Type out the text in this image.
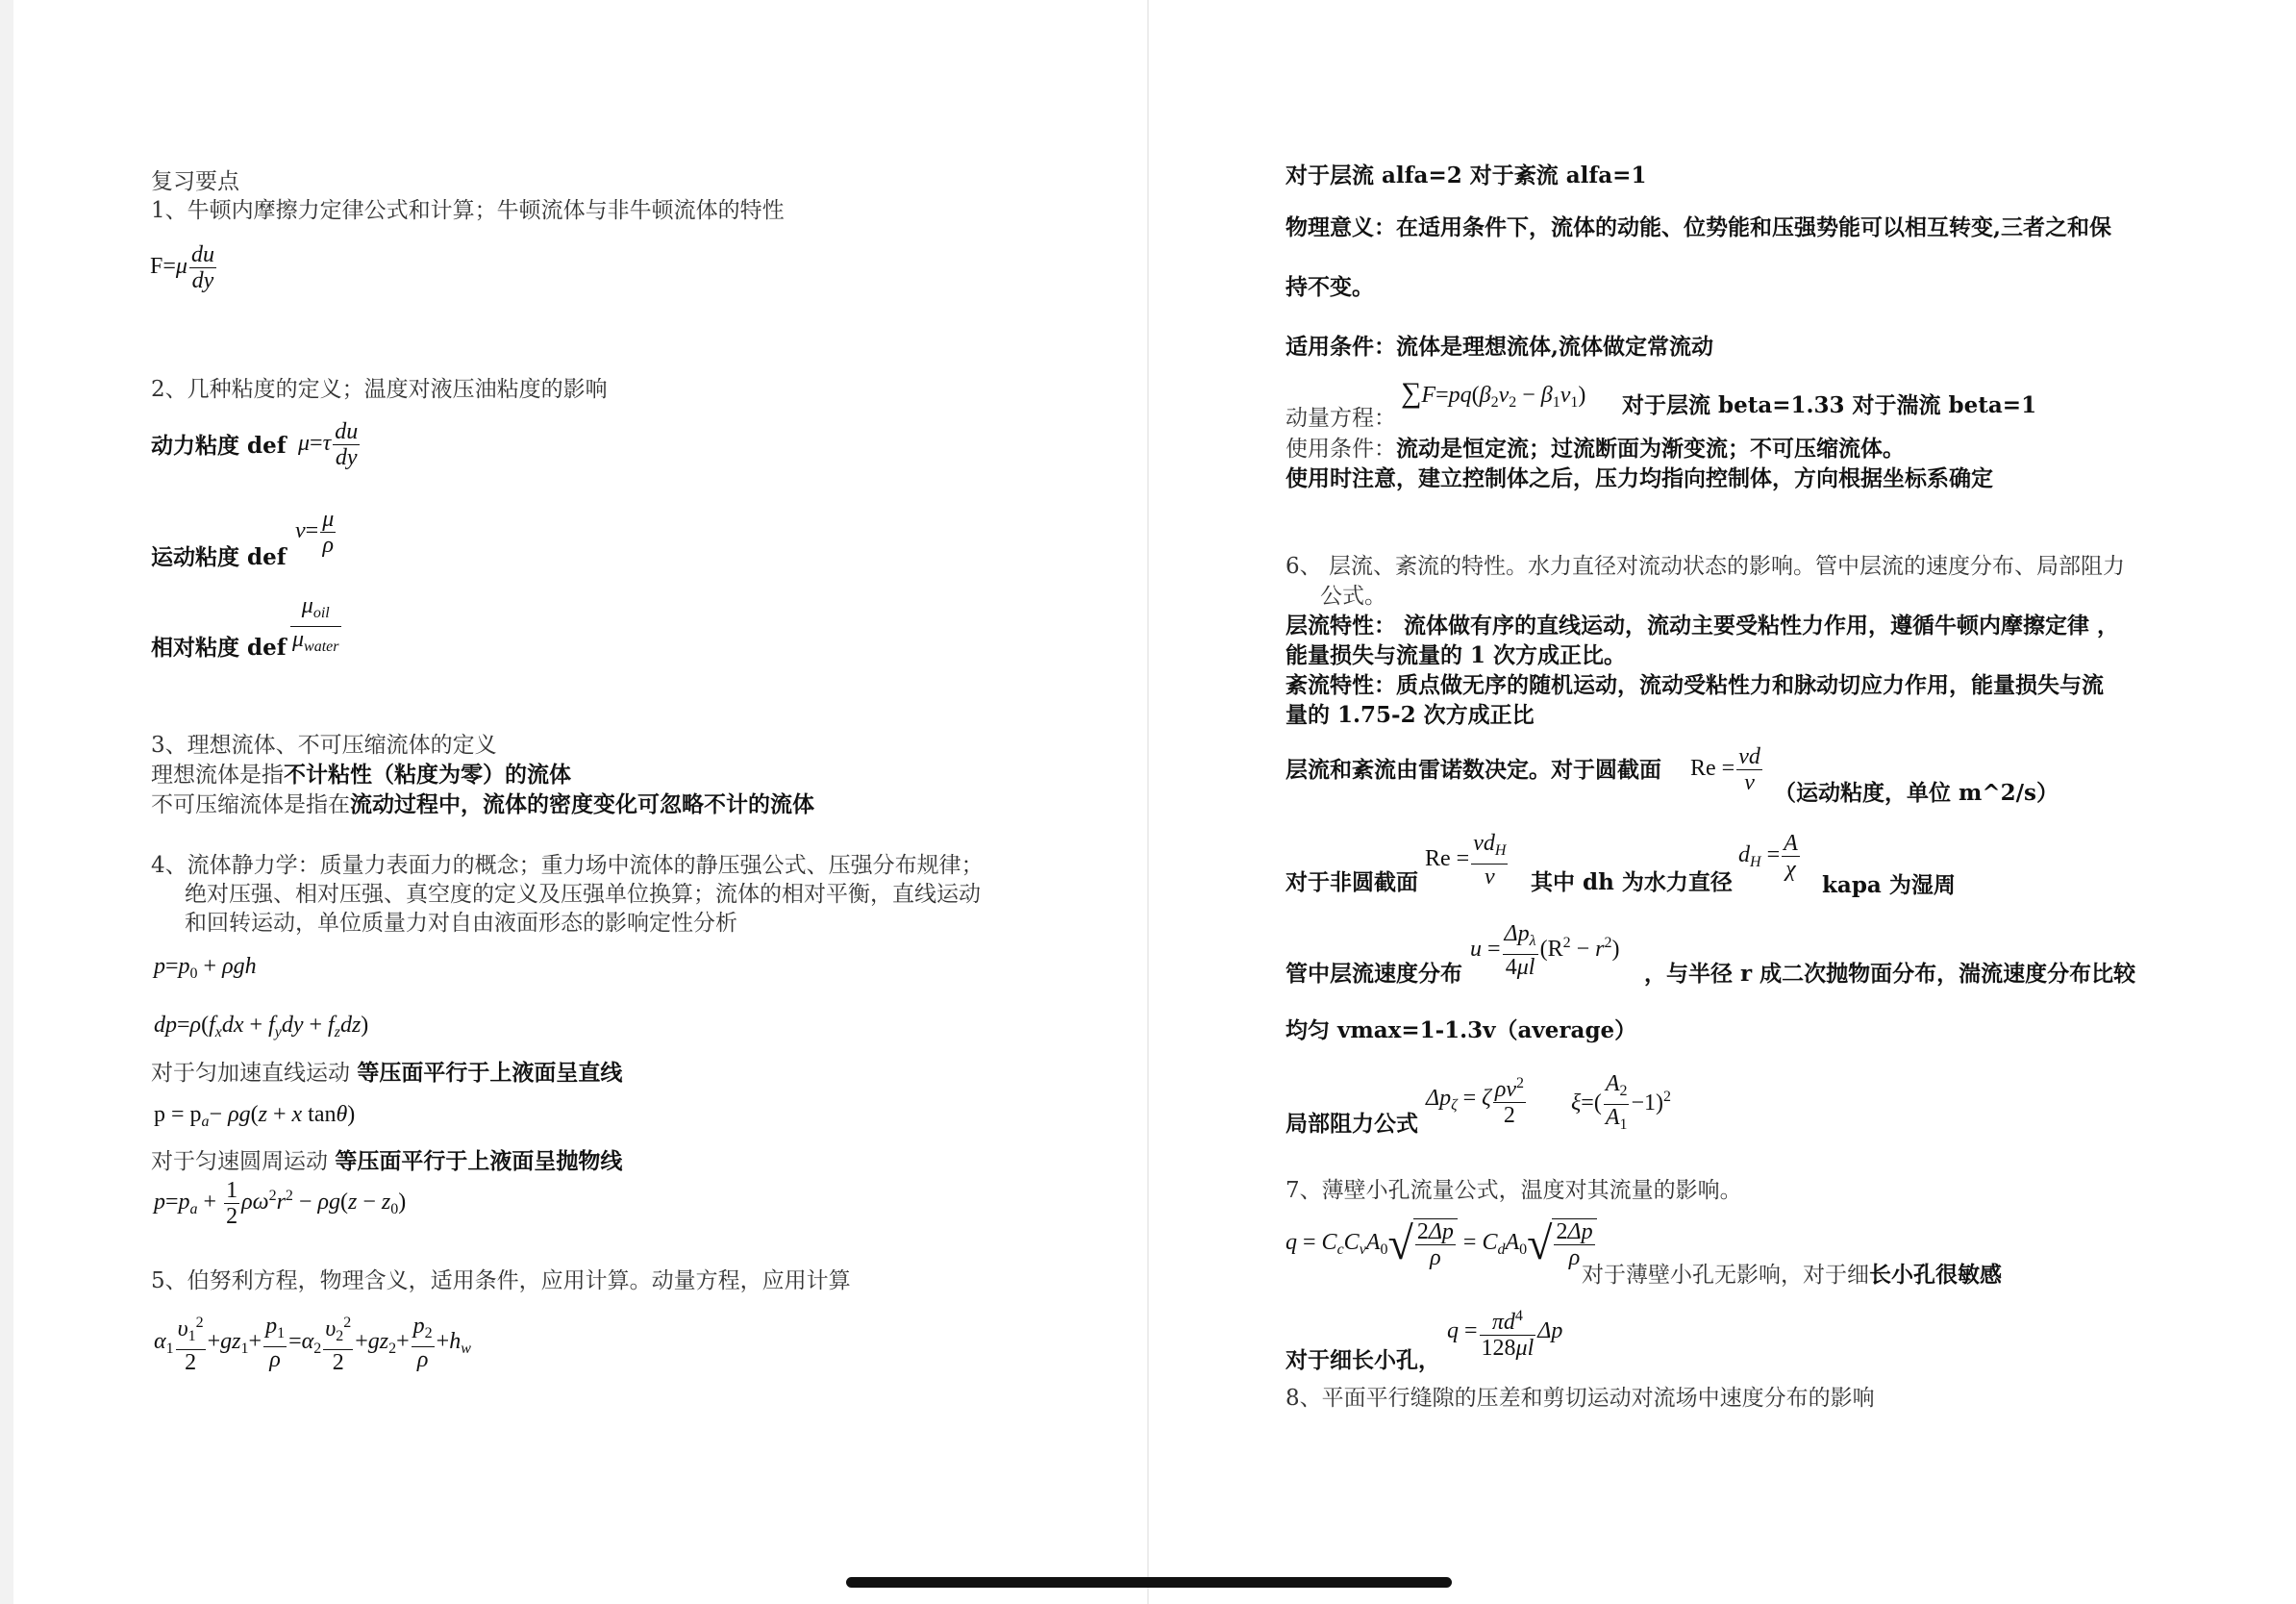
复习要点
1、牛顿内摩擦力定律公式和计算；牛顿流体与非牛顿流体的特性
$F=\mu \frac{du}{dy}$
2、几种粘度的定义；温度对液压油粘度的影响
动力粘度 def $\mu=\tau \frac{du}{dy}$
$\nu= \frac{\mu}{\rho}$
运动粘度 def
$\frac{\mu_{oil}}{\mu_{water}}$
相对粘度 def
3、理想流体、不可压缩流体的定义
理想流体是指不计粘性（粘度为零）的流体
不可压缩流体是指在流动过程中，流体的密度变化可忽略不计的流体
4、流体静力学：质量力表面力的概念；重力场中流体的静压强公式、压强分布规律；
绝对压强、相对压强、真空度的定义及压强单位换算；流体的相对平衡，直线运动
和回转运动，单位质量力对自由液面形态的影响定性分析
$p=p_0 + \rho gh$
$dp=\rho(f_xdx + f_ydy + f_zdz)$
对于匀加速直线运动 等压面平行于上液面呈直线
$p = p_a- \rho g(z + x$ tanθ)
对于匀速圆周运动 等压面平行于上液面呈抛物线
$p=p_a + \frac{1}{2} \rho\omega^2r^2 - \rho g(z - z_0)$
5、伯努利方程，物理含义，适用条件，应用计算。动量方程，应用计算
$\alpha_1 \frac{\upsilon_1^2}{2} +gz_1+ \frac{p_1}{\rho} =\alpha_2 \frac{\upsilon_2^2}{2} +gz_2+ \frac{p_2}{\rho} +h_w$
对于层流 alfa=2 对于紊流 alfa=1
物理意义：在适用条件下，流体的动能、位势能和压强势能可以相互转变,三者之和保
持不变。
适用条件：流体是理想流体,流体做定常流动
$\sum F=pq(\beta_2v_2 - \beta_1v_1)$ 对于层流 beta=1.33 对于湍流 beta=1
动量方程：
使用条件：流动是恒定流；过流断面为渐变流；不可压缩流体。
使用时注意，建立控制体之后，压力均指向控制体，方向根据坐标系确定
6、 层流、紊流的特性。水力直径对流动状态的影响。管中层流的速度分布、局部阻力
公式。
层流特性： 流体做有序的直线运动，流动主要受粘性力作用，遵循牛顿内摩擦定律 ，
能量损失与流量的 1 次方成正比。
紊流特性：质点做无序的随机运动，流动受粘性力和脉动切应力作用，能量损失与流
量的 1.75-2 次方成正比
层流和紊流由雷诺数决定。对于圆截面 $Re = \frac{vd}{\nu}$ （运动粘度，单位 m^2/s）
$Re = \frac{vd_H}{\nu}$
对于非圆截面	其中 dh 为水力直径
$d_H = \frac{A}{\chi}$
kapa 为湿周
$u = \frac{\Delta p_\lambda}{4\mu l} (R^2 - r^2)$
管中层流速度分布	，与半径 r 成二次抛物面分布，湍流速度分布比较
均匀 vmax=1-1.3v（average）
$\Delta p_\zeta = \zeta \frac{\rho v^2}{2} \xi=( \frac{A_2}{A_1} -1)^2$
局部阻力公式
7、薄壁小孔流量公式，温度对其流量的影响。
$q = C_cC_vA_0√ \frac{2\Delta p}{\rho} = C_dA_0√ \frac{2\Delta p}{\rho}$
对于薄壁小孔无影响，对于细长小孔很敏感
$q = \frac{\pi d^4}{128\mu l}$ Δp
对于细长小孔，
8、平面平行缝隙的压差和剪切运动对流场中速度分布的影响
